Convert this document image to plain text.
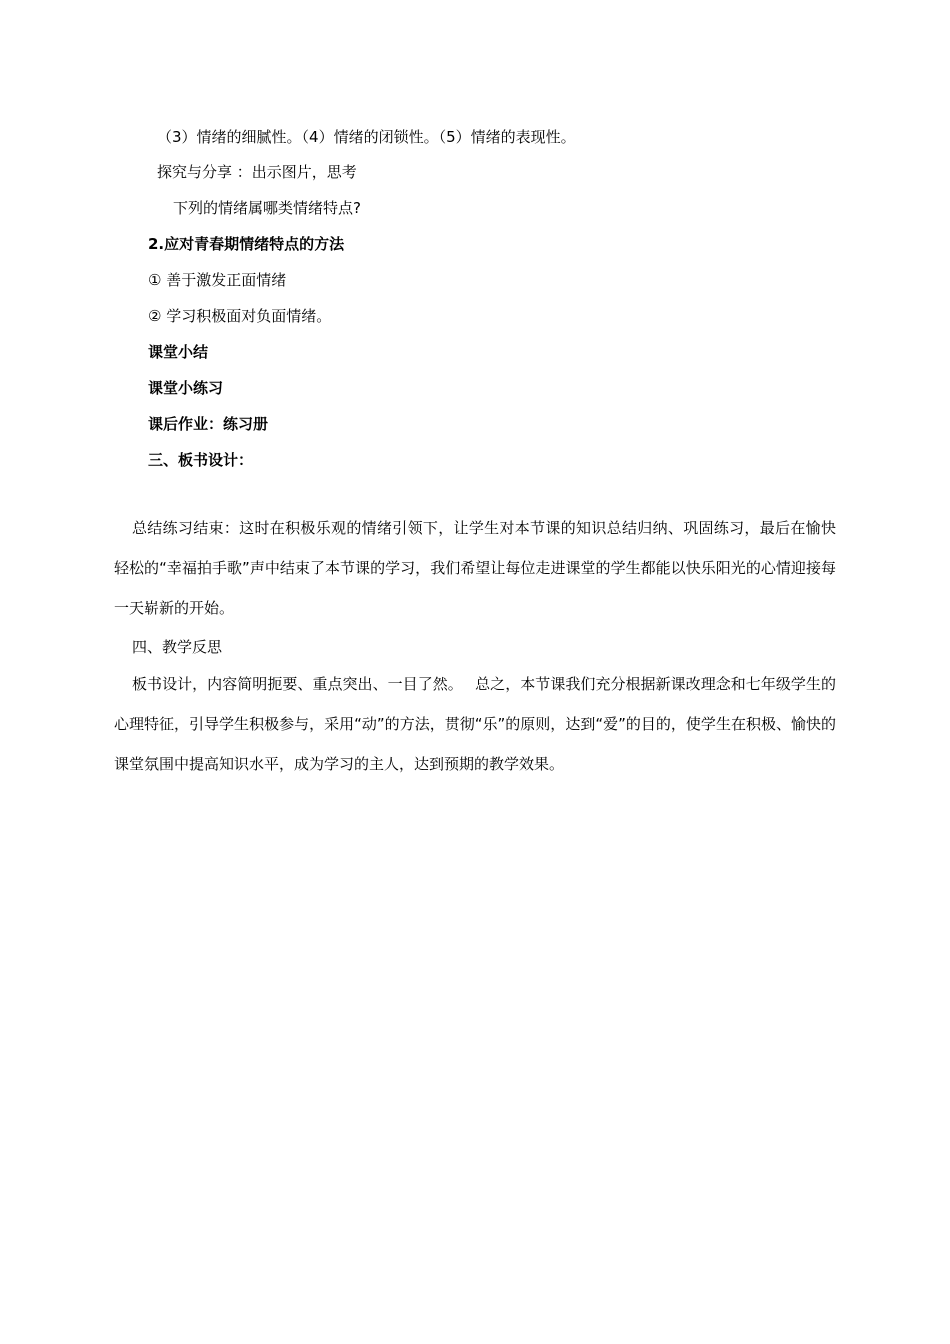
（3）情绪的细腻性。（4）情绪的闭锁性。（5）情绪的表现性。
探究与分享 ：出示图片，思考
下列的情绪属哪类情绪特点?
2.应对青春期情绪特点的方法
① 善于激发正面情绪
② 学习积极面对负面情绪。
课堂小结
课堂小练习
课后作业：练习册
三、板书设计：
总结练习结束：这时在积极乐观的情绪引领下，让学生对本节课的知识总结归纳、巩固练习，最后在愉快轻松的“幸福拍手歌”声中结束了本节课的学习，我们希望让每位走进课堂的学生都能以快乐阳光的心情迎接每一天崭新的开始。
四、教学反思
板书设计，内容简明扼要、重点突出、一目了然。　 总之，本节课我们充分根据新课改理念和七年级学生的心理特征，引导学生积极参与，采用“动”的方法，贯彻“乐”的原则，达到“爱”的目的，使学生在积极、愉快的课堂氛围中提高知识水平，成为学习的主人，达到预期的教学效果。
